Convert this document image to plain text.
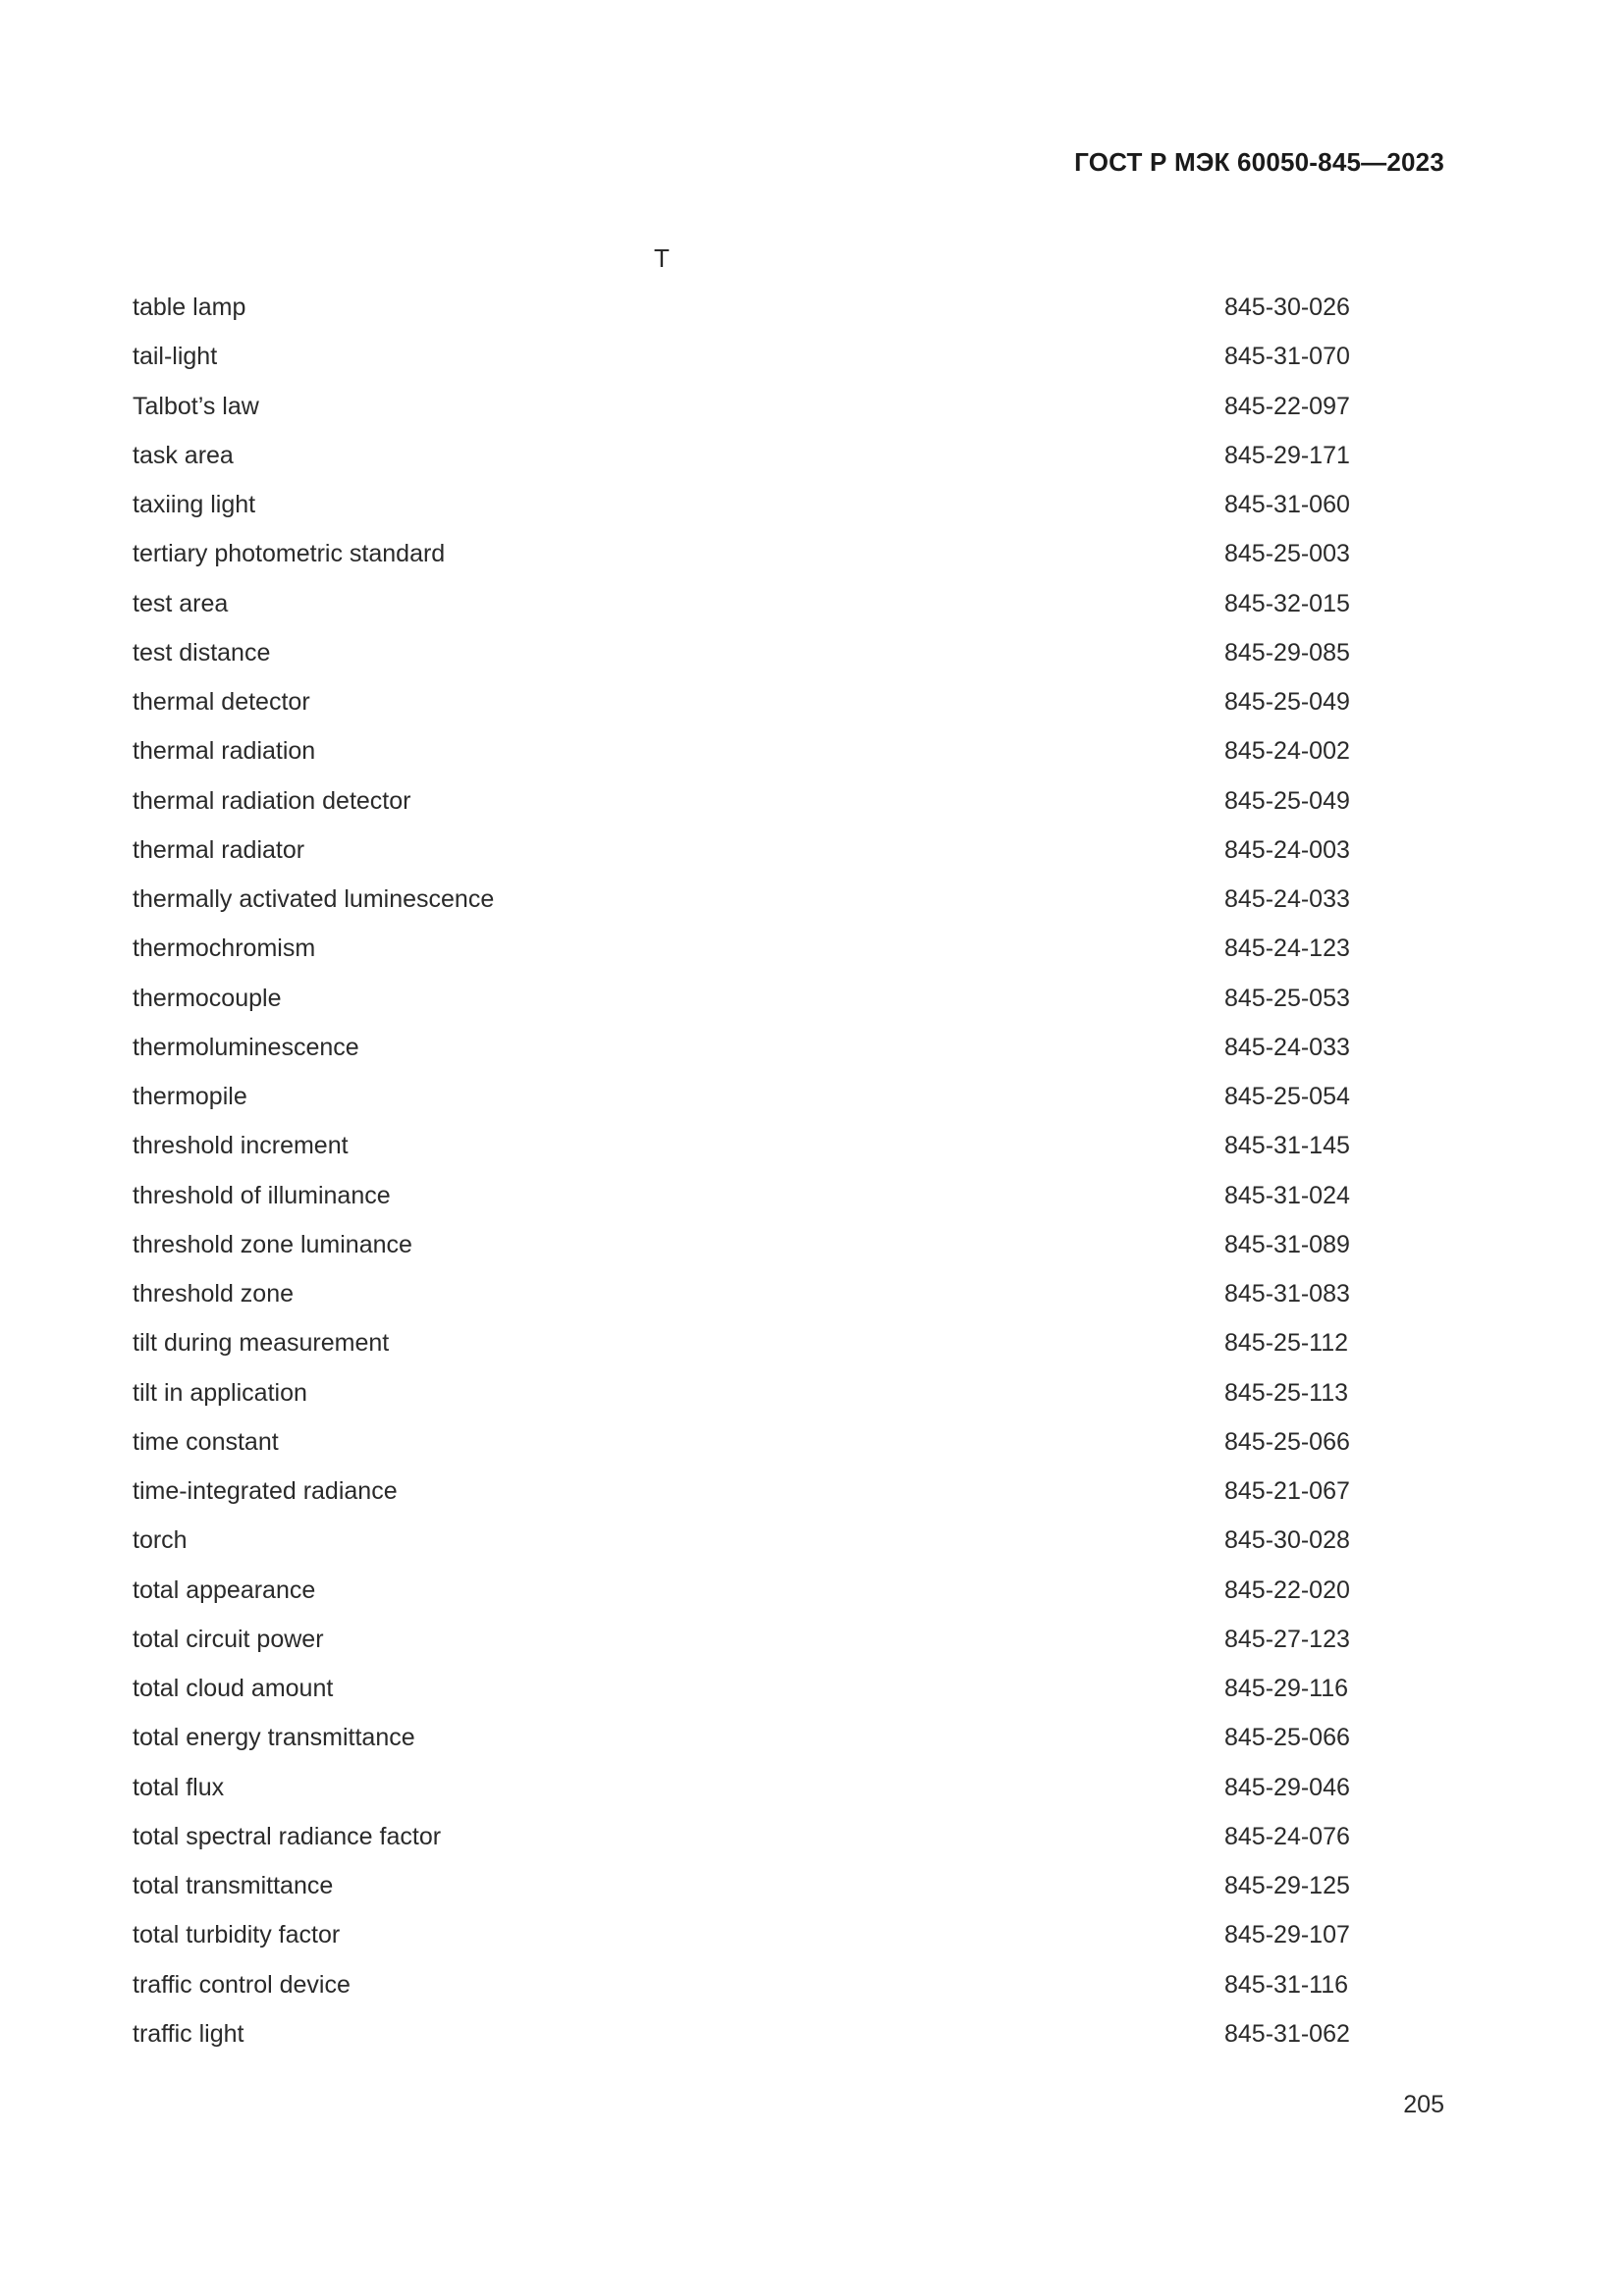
ГОСТ Р МЭК 60050-845—2023
T
table lamp	845-30-026
tail-light	845-31-070
Talbot’s law	845-22-097
task area	845-29-171
taxiing light	845-31-060
tertiary photometric standard	845-25-003
test area	845-32-015
test distance	845-29-085
thermal detector	845-25-049
thermal radiation	845-24-002
thermal radiation detector	845-25-049
thermal radiator	845-24-003
thermally activated luminescence	845-24-033
thermochromism	845-24-123
thermocouple	845-25-053
thermoluminescence	845-24-033
thermopile	845-25-054
threshold increment	845-31-145
threshold of illuminance	845-31-024
threshold zone luminance	845-31-089
threshold zone	845-31-083
tilt during measurement	845-25-112
tilt in application	845-25-113
time constant	845-25-066
time-integrated radiance	845-21-067
torch	845-30-028
total appearance	845-22-020
total circuit power	845-27-123
total cloud amount	845-29-116
total energy transmittance	845-25-066
total flux	845-29-046
total spectral radiance factor	845-24-076
total transmittance	845-29-125
total turbidity factor	845-29-107
traffic control device	845-31-116
traffic light	845-31-062
205
